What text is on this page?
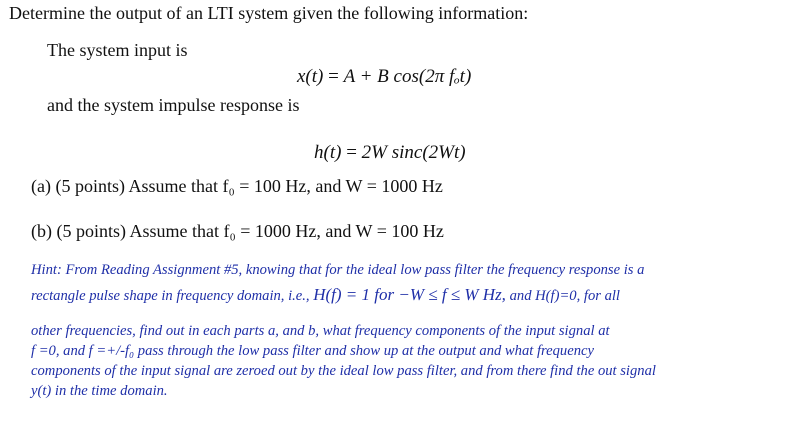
Determine the output of an LTI system given the following information:
The system input is
x(t) = A + B cos(2π fₒt)
and the system impulse response is
h(t) = 2W sinc(2Wt)
(a) (5 points) Assume that f₀ = 100 Hz, and W = 1000 Hz
(b) (5 points) Assume that f₀ = 1000 Hz, and W = 100 Hz
Hint: From Reading Assignment #5, knowing that for the ideal low pass filter the frequency response is a
rectangle pulse shape in frequency domain, i.e., H(f) = 1 for −W ≤ f ≤ W Hz, and H(f)=0, for all
other frequencies, find out in each parts a, and b, what frequency components of the input signal at
f =0, and f =+/-f₀ pass through the low pass filter and show up at the output and what frequency
components of the input signal are zeroed out by the ideal low pass filter, and from there find the out signal
y(t) in the time domain.
